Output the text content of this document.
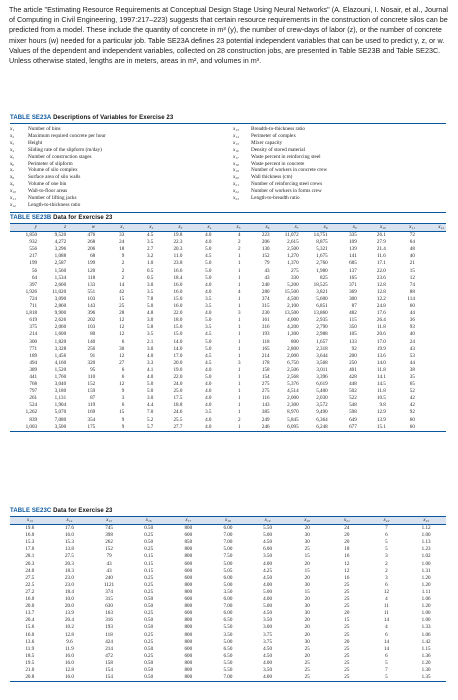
The article "Estimating Resource Requirements at Conceptual Design Stage Using Neural Networks" (A. Elazouni, I. Nosair, et al., Journal of Computing in Civil Engineering, 1997:217–223) suggests that certain resource requirements in the construction of concrete silos can be predicted from a model. These include the quantity of concrete in m³ (y), the number of crew-days of labor (z), or the number of concrete mixer hours (w) needed for a particular job. Table SE23A defines 23 potential independent variables that can be used to predict y, z, or w. Values of the dependent and independent variables, collected on 28 construction jobs, are presented in Table SE23B and Table SE23C. Unless otherwise stated, lengths are in meters, areas in m², and volumes in m³.

TABLE SE23A Descriptions of Variables for Exercise 23
x₁	Number of bins
x₂	Maximum required concrete per hour
x₃	Height
x₄	Sliding rate of the slipform (m/day)
x₅	Number of construction stages
x₆	Perimeter of slipform
x₇	Volume of silo complex
x₈	Surface area of silo walls
x₉	Volume of one bin
x₁₀	Wall-to-floor areas
x₁₁	Number of lifting jacks
x₁₂	Length-to-thickness ratio
x₁₃	Breadth-to-thickness ratio
x₁₄	Perimeter of complex
x₁₅	Mixer capacity
x₁₆	Density of stored material
x₁₇	Waste percent in reinforcing steel
x₁₈	Waste percent in concrete
x₁₉	Number of workers in concrete crew
x₂₀	Wall thickness (cm)
x₂₁	Number of reinforcing steel crews
x₂₂	Number of workers in forms crew
x₂₃	Length-to-breadth ratio
TABLE SE23B Data for Exercise 23
y	z	w	x₁	x₂	x₃	x₄	x₅	x₆	x₇	x₈	x₉	x₁₀	x₁₁	x₁₂
1,850	9,520	476	33	4.5	19.8	4.0	4	223	11,072	14,751	335	26.1	72	
932	4,272	268	24	3.5	22.3	4.0	2	206	2,615	8,875	109	27.9	64	
556	3,296	206	18	2.7	20.3	5.0	2	130	2,500	5,321	139	21.4	48	
217	1,088	68	9	3.2	11.0	4.5	1	152	1,270	1,675	141	11.6	40	
199	2,587	199	2	1.0	23.8	5.0	1	79	1,370	2,760	685	17.1	21	
56	1,560	120	2	0.5	16.6	5.0	1	43	275	1,980	137	22.0	15	
64	1,534	118	2	0.5	18.4	5.0	1	43	330	825	165	23.6	12	
397	2,660	133	14	3.0	16.0	4.0	1	240	5,200	18,525	371	12.8	74	
1,926	11,020	551	42	3.5	16.0	4.0	4	280	15,500	3,821	369	12.8	88	
724	3,090	103	15	7.8	15.0	3.5	1	374	4,500	5,600	300	12.2	114	
711	2,860	143	25	5.0	16.0	3.5	1	315	2,100	6,851	87	24.8	60	
1,818	9,900	396	28	4.8	22.0	4.0	3	230	13,500	13,860	482	17.6	44	
619	2,626	202	12	3.0	18.0	5.0	1	161	4,000	2,935	115	26.4	36	
375	2,060	103	12	5.8	15.0	3.5	1	316	4,200	2,790	350	11.8	93	
214	1,600	80	12	3.5	15.0	4.5	1	193	1,300	2,988	105	20.6	40	
300	1,820	140	6	2.1	14.0	5.0	1	118	800	1,657	133	17.0	24	
771	3,328	256	30	3.0	14.0	5.0	1	165	2,800	2,318	92	19.9	43	
189	1,456	91	12	4.0	17.0	4.5	1	214	2,000	3,644	200	13.6	53	
494	4,160	320	27	3.3	20.0	4.5	3	178	6,750	3,568	250	14.0	44	
389	1,520	95	6	4.1	19.0	4.0	1	158	2,506	3,011	401	11.8	38	
441	1,760	110	6	4.0	22.0	5.0	1	154	2,568	3,396	428	14.1	35	
768	3,040	152	12	5.0	24.0	4.0	1	275	5,376	6,619	448	14.5	65	
797	3,180	159	9	5.0	25.0	4.0	1	275	4,514	5,400	502	11.8	52	
261	1,131	87	3	3.0	17.5	4.0	1	116	2,000	2,030	522	10.5	42	
524	1,904	119	6	4.4	18.8	4.0	1	143	2,300	3,572	548	9.8	42	
1,262	5,070	169	15	7.0	24.6	3.5	1	385	8,970	9,490	598	12.9	92	
839	7,080	354	9	5.2	25.5	4.0	2	249	5,845	6,364	649	13.9	60	
1,003	3,500	175	9	5.7	27.7	4.0	1	246	6,095	6,248	677	15.1	60	
TABLE SE23C Data for Exercise 23
x₁₃	x₁₄	x₁₅	x₁₆	x₁₇	x₁₈	x₁₉	x₂₀	x₂₁	x₂₂	x₂₃
19.6	17.6	745	0.50	800	6.00	5.50	20	24	7	1.12
16.0	16.0	398	0.25	600	7.00	5.00	30	20	6	1.00
15.3	15.3	262	0.50	850	7.00	4.50	30	20	5	1.13
17.0	13.8	152	0.25	800	5.00	6.00	25	18	5	1.23
28.1	27.5	79	0.15	800	7.50	3.50	15	16	3	1.02
20.3	20.3	43	0.15	600	5.00	4.00	20	12	2	1.00
24.0	18.3	43	0.15	600	5.05	4.25	15	12	2	1.31
27.5	23.0	240	0.25	600	6.00	4.50	20	16	3	1.20
22.5	23.0	1121	0.25	800	5.00	4.00	30	25	6	1.20
27.2	18.4	374	0.25	800	3.50	5.00	15	25	12	1.11
16.0	10.0	315	0.50	600	6.00	4.00	20	25	4	1.06
20.0	20.0	630	0.50	800	7.00	5.00	30	25	11	1.20
13.7	13.9	163	0.25	600	6.00	4.50	30	20	11	1.00
20.4	20.4	316	0.50	800	6.50	3.50	20	15	14	1.00
15.6	10.2	193	0.50	800	5.50	3.00	20	25	4	1.33
16.0	12.8	118	0.25	800	3.50	3.75	20	25	6	1.06
13.6	9.6	424	0.25	800	5.00	3.75	30	20	14	1.42
11.9	11.9	214	0.50	600	6.50	4.50	25	25	14	1.15
18.5	16.0	472	0.25	600	6.50	4.50	20	25	6	1.36
19.5	16.0	158	0.50	800	5.50	4.00	25	25	5	1.20
21.0	12.8	154	0.50	800	5.50	3.50	25	25	7	1.30
20.8	16.0	154	0.50	800	7.00	4.00	25	25	5	1.35
